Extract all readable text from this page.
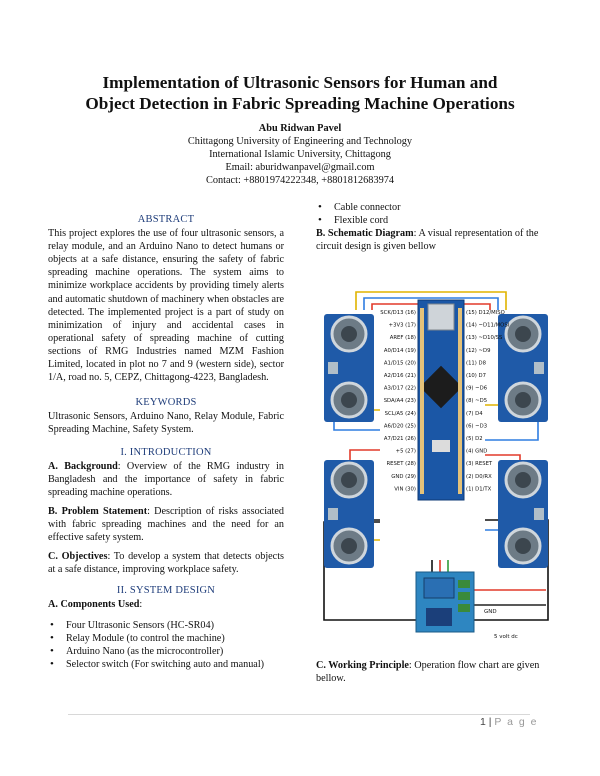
Implementation of Ultrasonic Sensors for Human and
Object Detection in Fabric Spreading Machine Operations
Abu Ridwan Pavel
Chittagong University of Engineering and Technology
International Islamic University, Chittagong
Email: aburidwanpavel@gmail.com
Contact: +8801974222348, +8801812683974
ABSTRACT

This project explores the use of four ultrasonic sensors, a relay module, and an Arduino Nano to detect humans or objects at a safe distance, ensuring the safety of fabric spreading machine operations. The system aims to minimize workplace accidents by providing timely alerts and automatic shutdown of machinery when obstacles are detected. The implemented project is a part of study on minimization of injury and accidental cases in operational safety of spreading machine of cutting sections of RMG Industries named MZM Fashion Limited, located in plot no 7 and 9 (western side), sector 1/A, road no. 5, CEPZ, Chittagong-4223, Bangladesh.

KEYWORDS

Ultrasonic Sensors, Arduino Nano, Relay Module, Fabric Spreading Machine, Safety System.

I. INTRODUCTION

A. Background: Overview of the RMG industry in Bangladesh and the importance of safety in fabric spreading machine operations.

B. Problem Statement: Description of risks associated with fabric spreading machines and the need for an effective safety system.

C. Objectives: To develop a system that detects objects at a safe distance, improving workplace safety.

II. SYSTEM DESIGN

A. Components Used:

• Four Ultrasonic Sensors (HC-SR04)
• Relay Module (to control the machine)
• Arduino Nano (as the microcontroller)
• Selector switch (For switching auto and manual)
• Cable connector
• Flexible cord

B. Schematic Diagram: A visual representation of the circuit design is given bellow

SCK/D13 (16)
+3V3 (17)
AREF (18)
A0/D14 (19)
A1/D15 (20)
A2/D16 (21)
A3/D17 (22)
SDA/A4 (23)
SCL/A5 (24)
A6/D20 (25)
A7/D21 (26)
+5 (27)
RESET (28)
GND (29)
VIN (30)
(15) D12/MISO
(14) ~D11/MOSI
(13) ~D10/SS
(12) ~D9
(11) D8
(10) D7
(9) ~D6
(8) ~D5
(7) D4
(6) ~D3
(5) D2
(4) GND
(3) RESET
(2) D0/RX
(1) D1/TX
GND
5 volt dc

C. Working Principle: Operation flow chart are given bellow.

1 | P a g e
